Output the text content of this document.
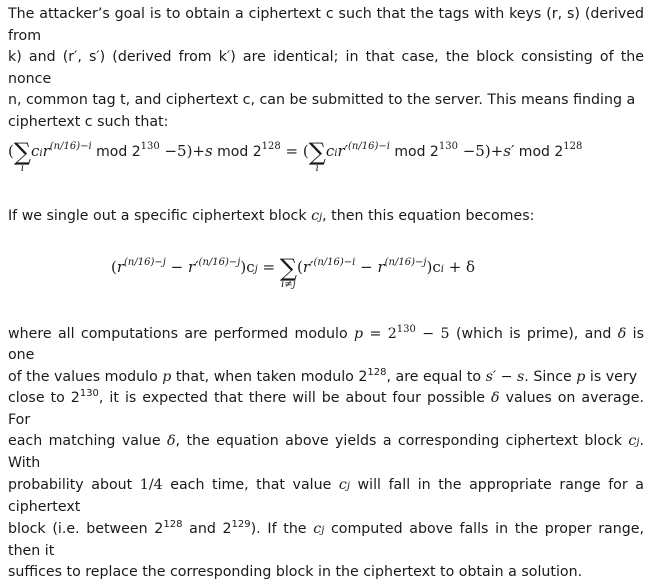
The attacker’s goal is to obtain a ciphertext c such that the tags with keys (r, s) (derived from

k) and (r′, s′) (derived from k′) are identical; in that case, the block consisting of the nonce

n, common tag t, and ciphertext c, can be submitted to the server. This means finding a

ciphertext c such that:

(∑
i
cir$^{(n/16)-i}$ mod $2^{130} -5)+s$ mod $2^{128}$ = (∑
i
$cir'^{(n/16)-i}$ mod $2^{130} -5)+s'$ mod $2^{128}$

If we single out a specific ciphertext block cj, then this equation becomes:

$(r^{(n/16)-j} - r'^{(n/16)-j})cj$ = ∑
i≠j
$(r'^{(n/16)-i} - r^{(n/16)-j})ci + \delta$

where all computations are performed modulo $p = 2^{130} - 5$ (which is prime), and δ is one

of the values modulo p that, when taken modulo $2^{128}$, are equal to s′ − s. Since p is very

close to $2^{130}$, it is expected that there will be about four possible δ values on average. For

each matching value δ, the equation above yields a corresponding ciphertext block cj. With

probability about 1/4 each time, that value cj will fall in the appropriate range for a ciphertext

block (i.e. between $2^{128}$ and $2^{129}$). If the cj computed above falls in the proper range, then it

suffices to replace the corresponding block in the ciphertext to obtain a solution.
